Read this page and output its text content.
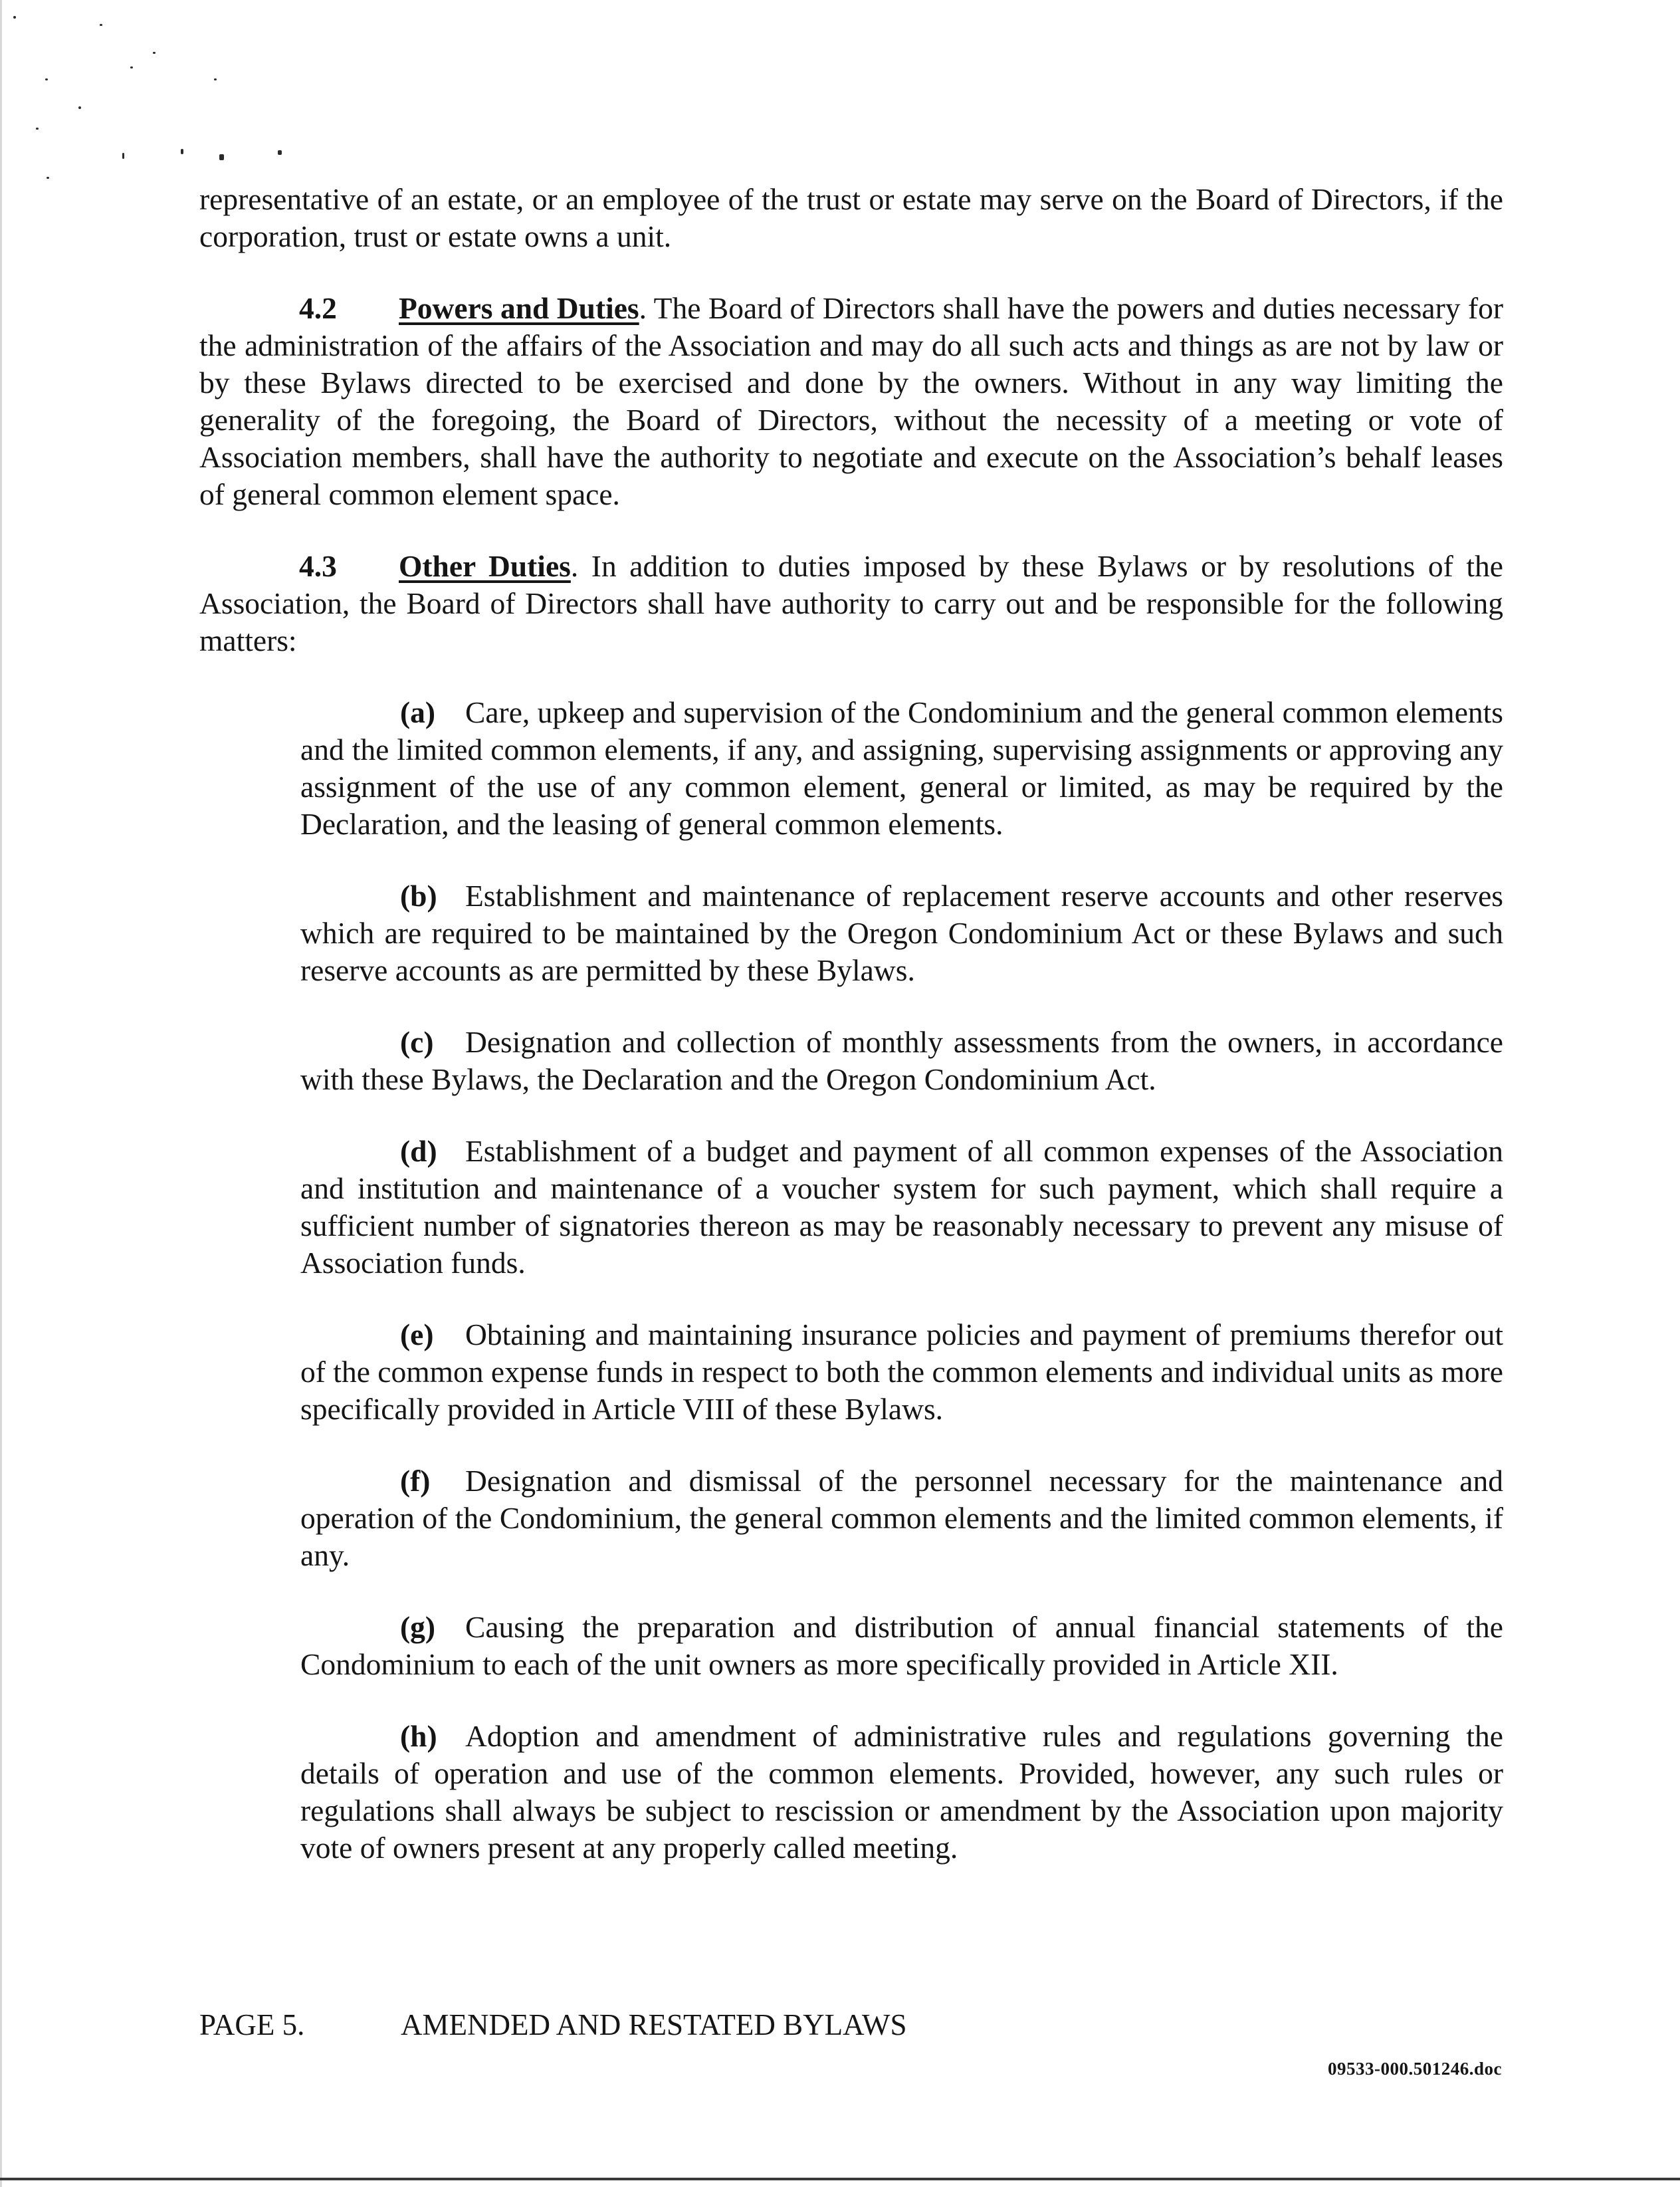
representative of an estate, or an employee of the trust or estate may serve on the Board of Directors, if the corporation, trust or estate owns a unit.

4.2 Powers and Duties. The Board of Directors shall have the powers and duties necessary for the administration of the affairs of the Association and may do all such acts and things as are not by law or by these Bylaws directed to be exercised and done by the owners. Without in any way limiting the generality of the foregoing, the Board of Directors, without the necessity of a meeting or vote of Association members, shall have the authority to negotiate and execute on the Association’s behalf leases of general common element space.

4.3 Other Duties. In addition to duties imposed by these Bylaws or by resolutions of the Association, the Board of Directors shall have authority to carry out and be responsible for the following matters:

(a) Care, upkeep and supervision of the Condominium and the general common elements and the limited common elements, if any, and assigning, supervising assignments or approving any assignment of the use of any common element, general or limited, as may be required by the Declaration, and the leasing of general common elements.

(b) Establishment and maintenance of replacement reserve accounts and other reserves which are required to be maintained by the Oregon Condominium Act or these Bylaws and such reserve accounts as are permitted by these Bylaws.

(c) Designation and collection of monthly assessments from the owners, in accordance with these Bylaws, the Declaration and the Oregon Condominium Act.

(d) Establishment of a budget and payment of all common expenses of the Association and institution and maintenance of a voucher system for such payment, which shall require a sufficient number of signatories thereon as may be reasonably necessary to prevent any misuse of Association funds.

(e) Obtaining and maintaining insurance policies and payment of premiums therefor out of the common expense funds in respect to both the common elements and individual units as more specifically provided in Article VIII of these Bylaws.

(f) Designation and dismissal of the personnel necessary for the maintenance and operation of the Condominium, the general common elements and the limited common elements, if any.

(g) Causing the preparation and distribution of annual financial statements of the Condominium to each of the unit owners as more specifically provided in Article XII.

(h) Adoption and amendment of administrative rules and regulations governing the details of operation and use of the common elements. Provided, however, any such rules or regulations shall always be subject to rescission or amendment by the Association upon majority vote of owners present at any properly called meeting.

PAGE 5.	AMENDED AND RESTATED BYLAWS
09533-000.501246.doc
